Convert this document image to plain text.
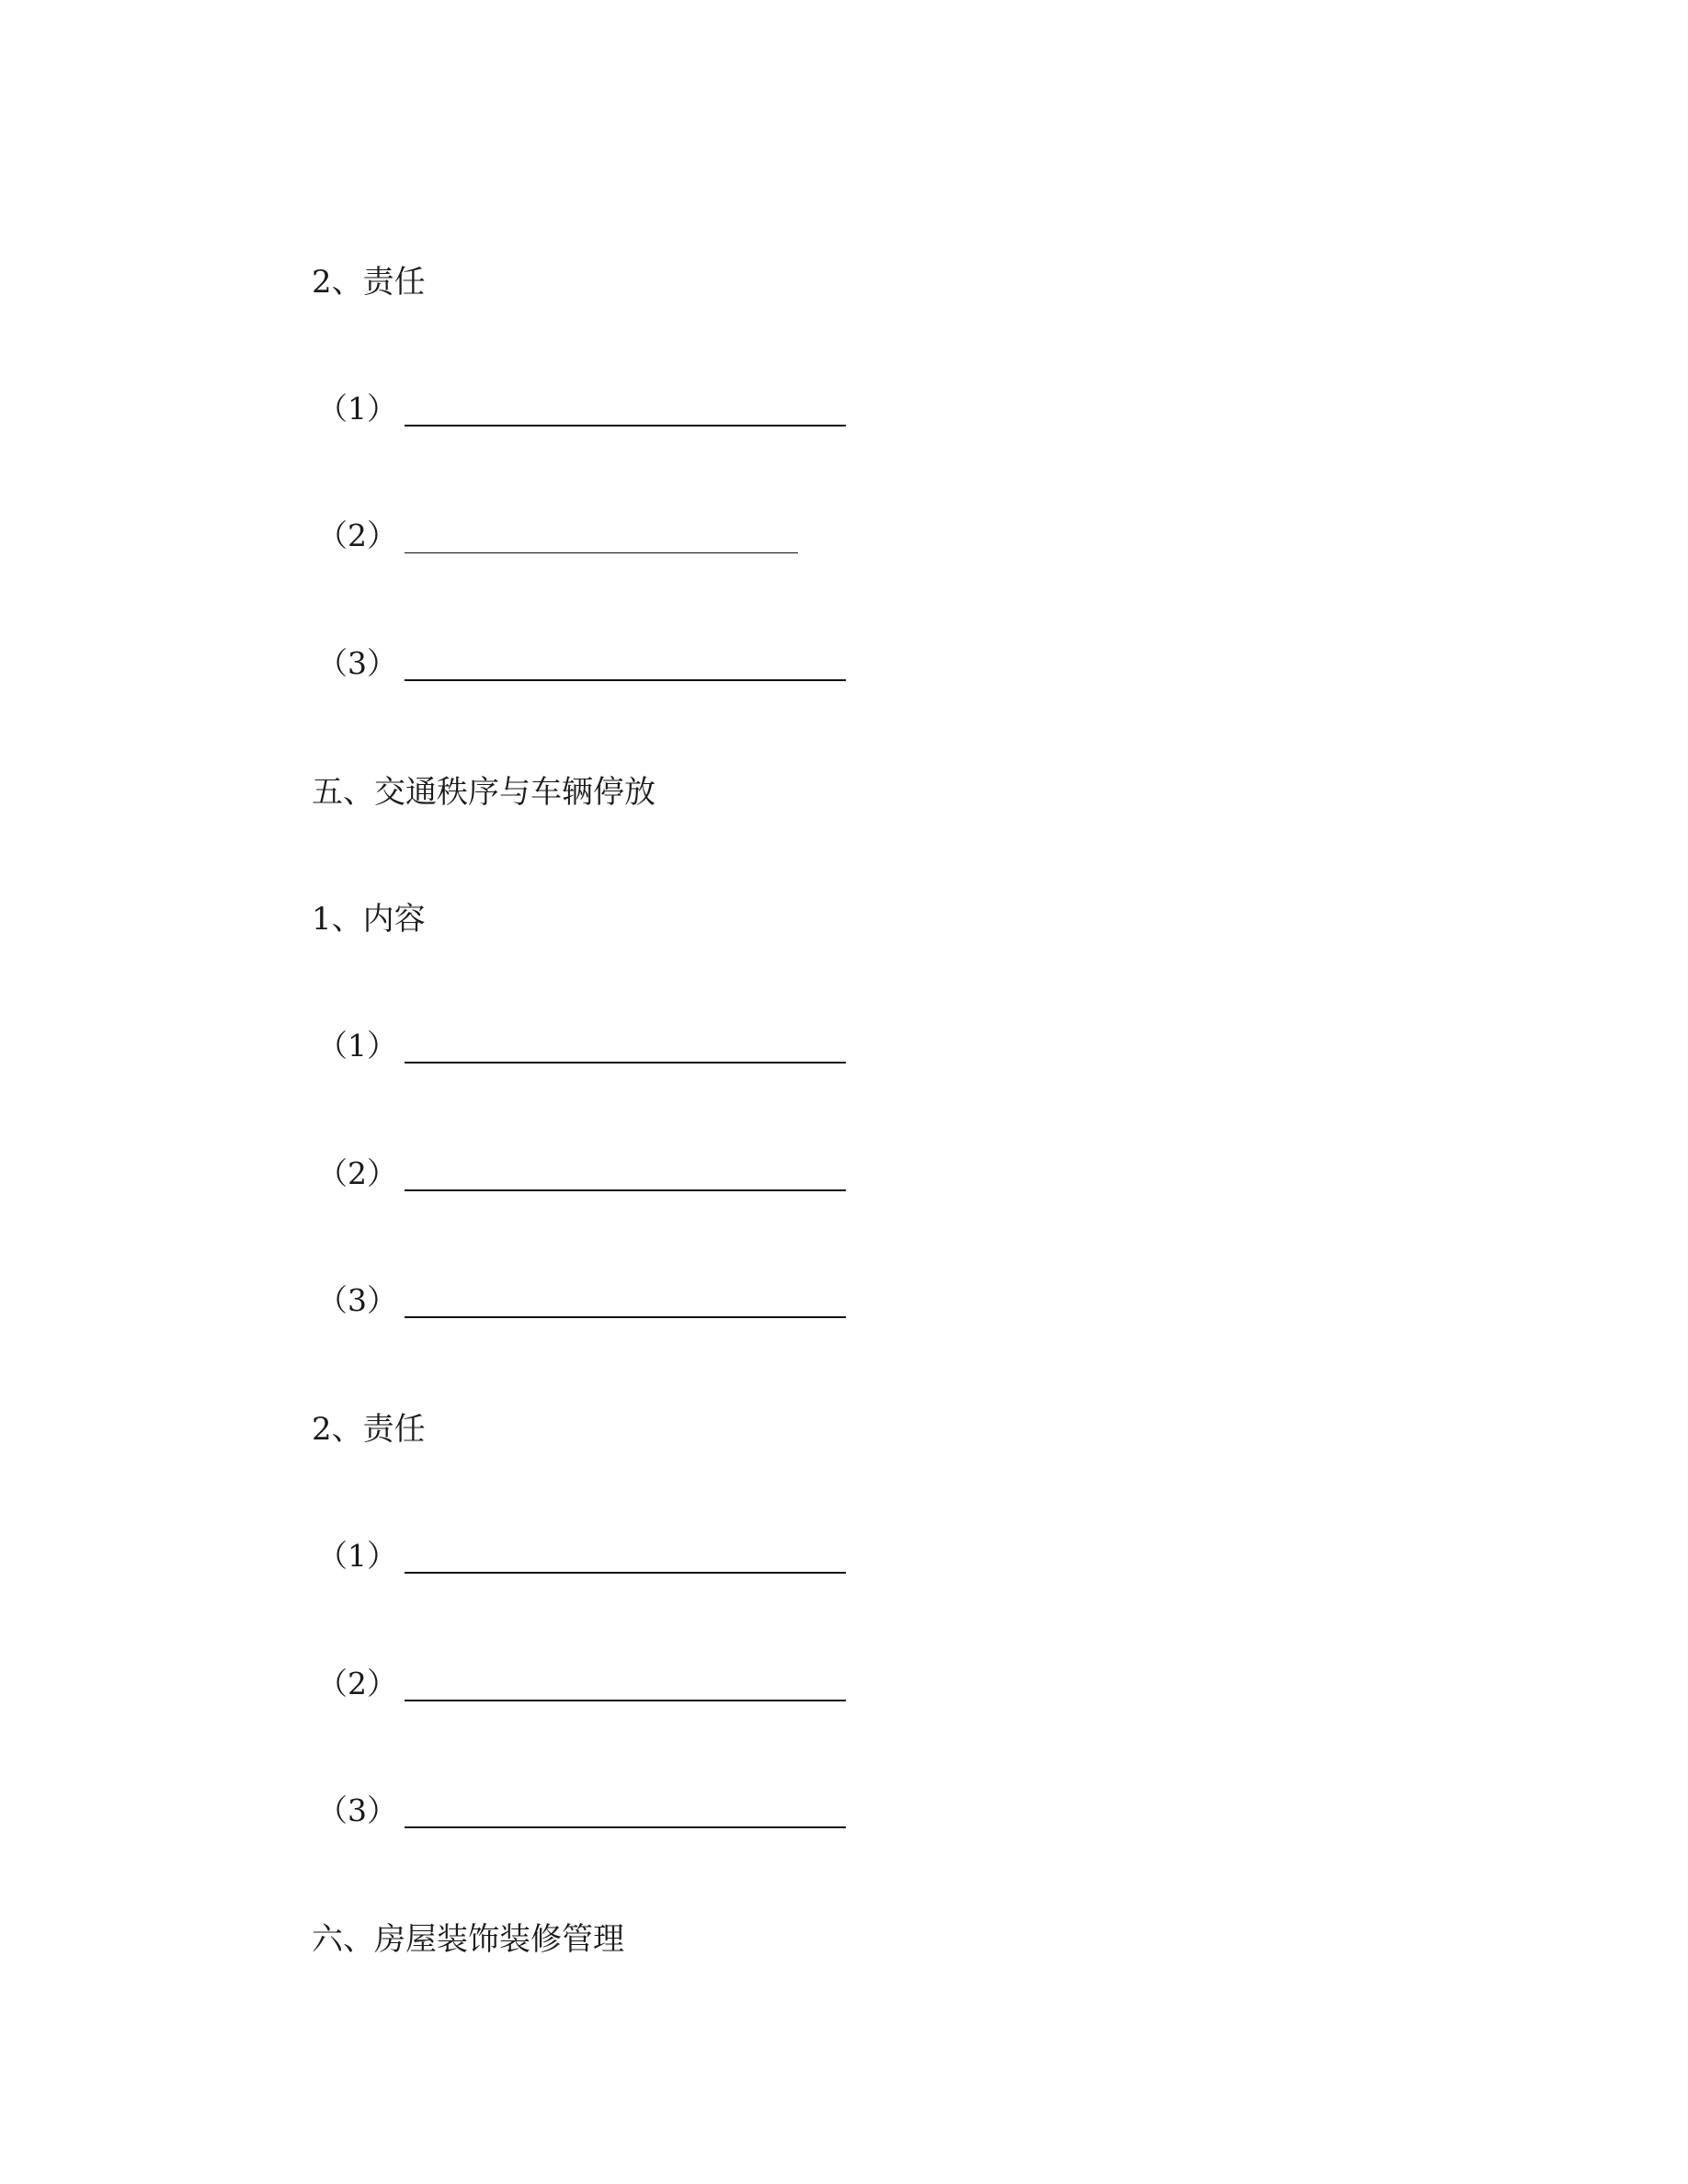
2、责任
（1）
（2）
（3）
五、交通秩序与车辆停放
1、内容
（1）
（2）
（3）
2、责任
（1）
（2）
（3）
六、房屋装饰装修管理
